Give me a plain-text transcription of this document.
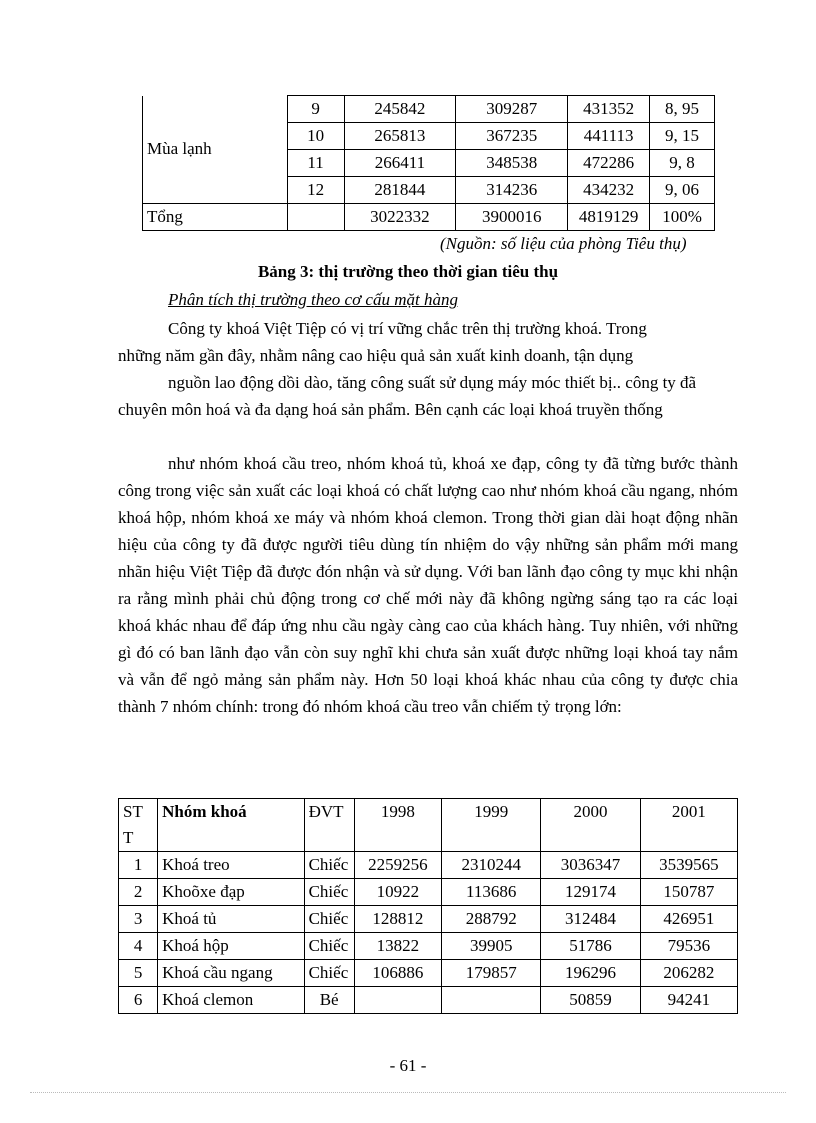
Mùa lạnh	9	245842	309287	431352	8, 95
	10	265813	367235	441113	9, 15
	11	266411	348538	472286	9, 8
	12	281844	314236	434232	9, 06
Tổng		3022332	3900016	4819129	100%
(Nguồn: số liệu của phòng Tiêu thụ)
Bảng 3: thị trường theo thời gian tiêu thụ
Phân tích thị trường theo cơ cấu mặt hàng
Công ty khoá Việt Tiệp có vị trí vững chắc trên thị trường khoá. Trong
những năm gần đây, nhằm nâng cao hiệu quả sản xuất kinh doanh, tận dụng

nguồn lao động dồi dào, tăng công suất sử dụng máy móc thiết bị.. công ty đã chuyên môn hoá và đa dạng hoá sản phẩm. Bên cạnh các loại khoá truyền thống

như nhóm khoá cầu treo, nhóm khoá tủ, khoá xe đạp, công ty đã từng bước thành công trong việc sản xuất các loại khoá có chất lượng cao như nhóm khoá cầu ngang, nhóm khoá hộp, nhóm khoá xe máy và nhóm khoá clemon. Trong thời gian dài hoạt động nhãn hiệu của công ty đã được người tiêu dùng tín nhiệm do vậy những sản phẩm mới mang nhãn hiệu Việt Tiệp đã được đón nhận và sử dụng. Với ban lãnh đạo công ty mục khi nhận ra rằng mình phải chủ động trong cơ chế mới này đã không ngừng sáng tạo ra các loại khoá khác nhau để đáp ứng nhu cầu ngày càng cao của khách hàng. Tuy nhiên, với những gì đó có ban lãnh đạo vẫn còn suy nghĩ khi chưa sản xuất được những loại khoá tay nắm và vẫn để ngỏ mảng sản phẩm này. Hơn 50 loại khoá khác nhau của công ty được chia thành 7 nhóm chính: trong đó nhóm khoá cầu treo vẫn chiếm tỷ trọng lớn:

ST T	Nhóm khoá	ĐVT	1998	1999	2000	2001
1	Khoá treo	Chiếc	2259256	2310244	3036347	3539565
2	Khoõxe đạp	Chiếc	10922	113686	129174	150787
3	Khoá tủ	Chiếc	128812	288792	312484	426951
4	Khoá hộp	Chiếc	13822	39905	51786	79536
5	Khoá cầu ngang	Chiếc	106886	179857	196296	206282
6	Khoá clemon	Bé			50859	94241
- 61 -
